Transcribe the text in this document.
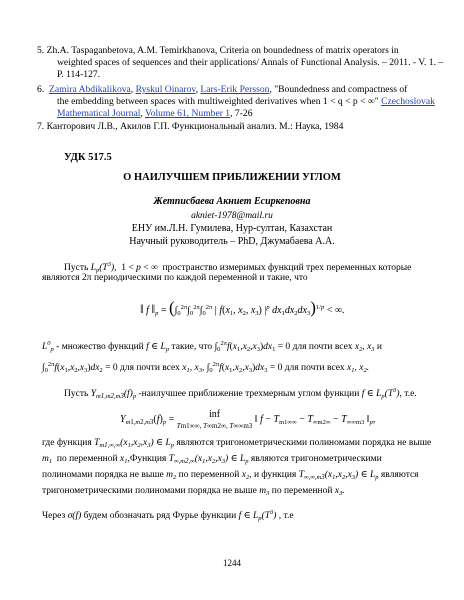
5. Zh.A. Taspaganbetova, A.M. Temirkhanova, Criteria on boundedness of matrix operators in
weighted spaces of sequences and their applications/ Annals of Functional Analysis. – 2011. - V. 1. –
P. 114-127.
6. Zamira Abdikalikova, Ryskul Oinarov, Lars-Erik Persson, "Boundedness and compactness of
the embedding between spaces with multiweighted derivatives when 1 < q < p < ∞" Czechoslovak
Mathematical Journal, Volume 61, Number 1, 7-26
7. Канторович Л.В., Акилов Г.П. Функциональный анализ. М.: Наука, 1984
УДК 517.5
О НАИЛУЧШЕМ ПРИБЛИЖЕНИИ УГЛОМ
Жетписбаева Акниет Есиркеповна
akniet-1978@mail.ru
ЕНУ им.Л.Н. Гумилева, Нур-султан, Казахстан
Научный руководитель – PhD, Джумабаева А.А.
Пусть $L_p(T^3)$,  1 < p < ∞  пространство измеримых функций трех переменных которые
являются 2π периодическими по каждой переменной и такие, что
‖ f $‖_p = (\int_0^{2\pi}\int_0^{2\pi}\int_0^{2\pi}$ | $f(x_1$, $x_2$, $x_3$) $|^p$ $dx_1dx_2dx_3)^{1/p}$ < ∞.
$L^0_p$ - множество функций f ∈ $L_p$ такие, что $\int_0^{2\pi}f(x_1,x_2,x_3)dx_1 = 0$ для почти всех $x_2$, $x_3$ и
$\int_0^{2\pi}f(x_1,x_2,x_3)dx_2 = 0$ для почти всех $x_1$, $x_3$, $\int_0^{2\pi}f(x_1,x_2,x_3)dx_3 = 0$ для почти всех $x_1$, $x_2$.
Пусть $Y_{m1,m2,m3}(f)_p$ -наилучшее приближение трехмерным углом функции f ∈ $L_p(T^3)$, т.е.
$Y_{m1,m2,m3}(f)_p$ =	inf
Tm1∞∞, T∞m2∞, T∞∞m3 ‖ $f - T_{m1\infty\infty} - T_{\infty m2\infty} - T_{\infty\infty m3}$ $‖_p$,
где функция $T_{m1,\infty,\infty}(x_1,x_2,x_3)$ ∈ $L_p$ являются тригонометрическими полиномами порядка не выше
$m_1$ по переменной $x_1,Функция$ $T_{\infty,m2,\infty}(x_1,x_2,x_3)$ ∈ $L_p$ являются тригонометрическими
полиномами порядка не выше $m_2$ по переменной $x_2$, и функция $T_{\infty,\infty,m3}(x_1,x_2,x_3)$ ∈ $L_p$ являются
тригонометрическими полиномами порядка не выше $m_3$ по переменной $x_3$.
Через σ(f) будем обозначать ряд Фурье функции f ∈ $L_p(T^3)$ , т.е
1244
